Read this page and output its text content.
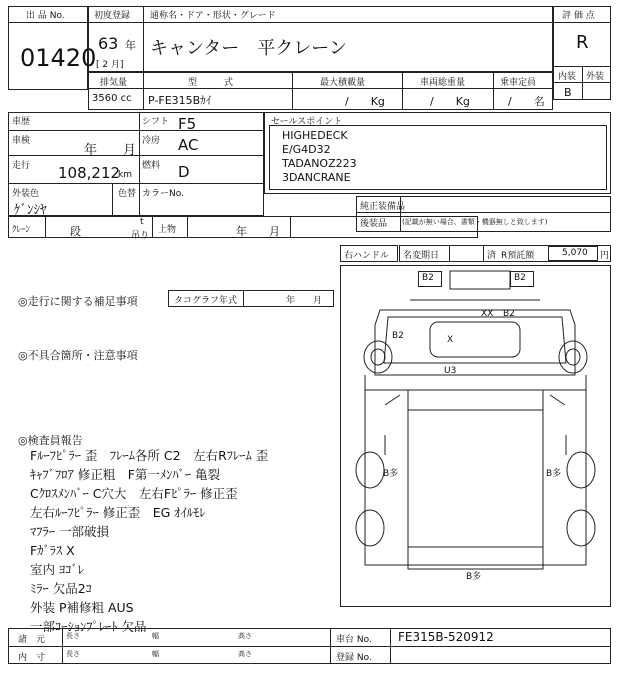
出 品 No.
01420
初度登録 通称名・ドア・形状・グレード
63 年
[ 2 月]
キャンター　平クレーン
評 価 点
R
内装 外装
B
排気量	型　　　式	最大積載量	車両総重量	乗車定員
3560 cc P-FE315Bｶｲ	/　　Kg	/　　Kg	/　　名
車歴	シフト F5
車検
年　　月
冷房 AC
走行 108,212
km
燃料 D
外装色
ｹﾞﾝｼﾔ
色替 カラーNo.
ｸﾚｰﾝ	段
t
吊り
上物	年　　月
セールスポイント
HIGHEDECK
E/G4D32
TADANOZ223
3DANCRANE
純正装備品
後装品 (記載が無い場合、書類・機器無しと致します)
右ハンドル 名変期日	済 R預託額	5,070 円
◎走行に関する補足事項	タコグラフ年式	年　　月
◎不具合箇所・注意事項
◎検査員報告
Fﾙｰﾌﾋﾟﾗｰ 歪　ﾌﾚｰﾑ各所 C2　左右Rﾌﾚｰﾑ 歪
ｷｬﾌﾞﾌﾛｱ 修正粗　F第一ﾒﾝﾊﾞｰ 亀裂
Cｸﾛｽﾒﾝﾊﾞｰ C穴大　左右Fﾋﾟﾗｰ 修正歪
左右ﾙｰﾌﾋﾟﾗｰ 修正歪　EG ｵｲﾙﾓﾚ
ﾏﾌﾗｰ 一部破損
Fｶﾞﾗｽ X
室内 ﾖｺﾞﾚ
ﾐﾗｰ 欠品2ｺ
外装 P補修粗 AUS
一部ｺｰｼｮﾝﾌﾟﾚｰﾄ 欠品
B2	B2
XX B2
B2	X
U3
B多	B多
B多
諸　元
内　寸
長さ	幅	高さ
長さ	幅	高さ
車台 No. FE315B-520912
登録 No.
